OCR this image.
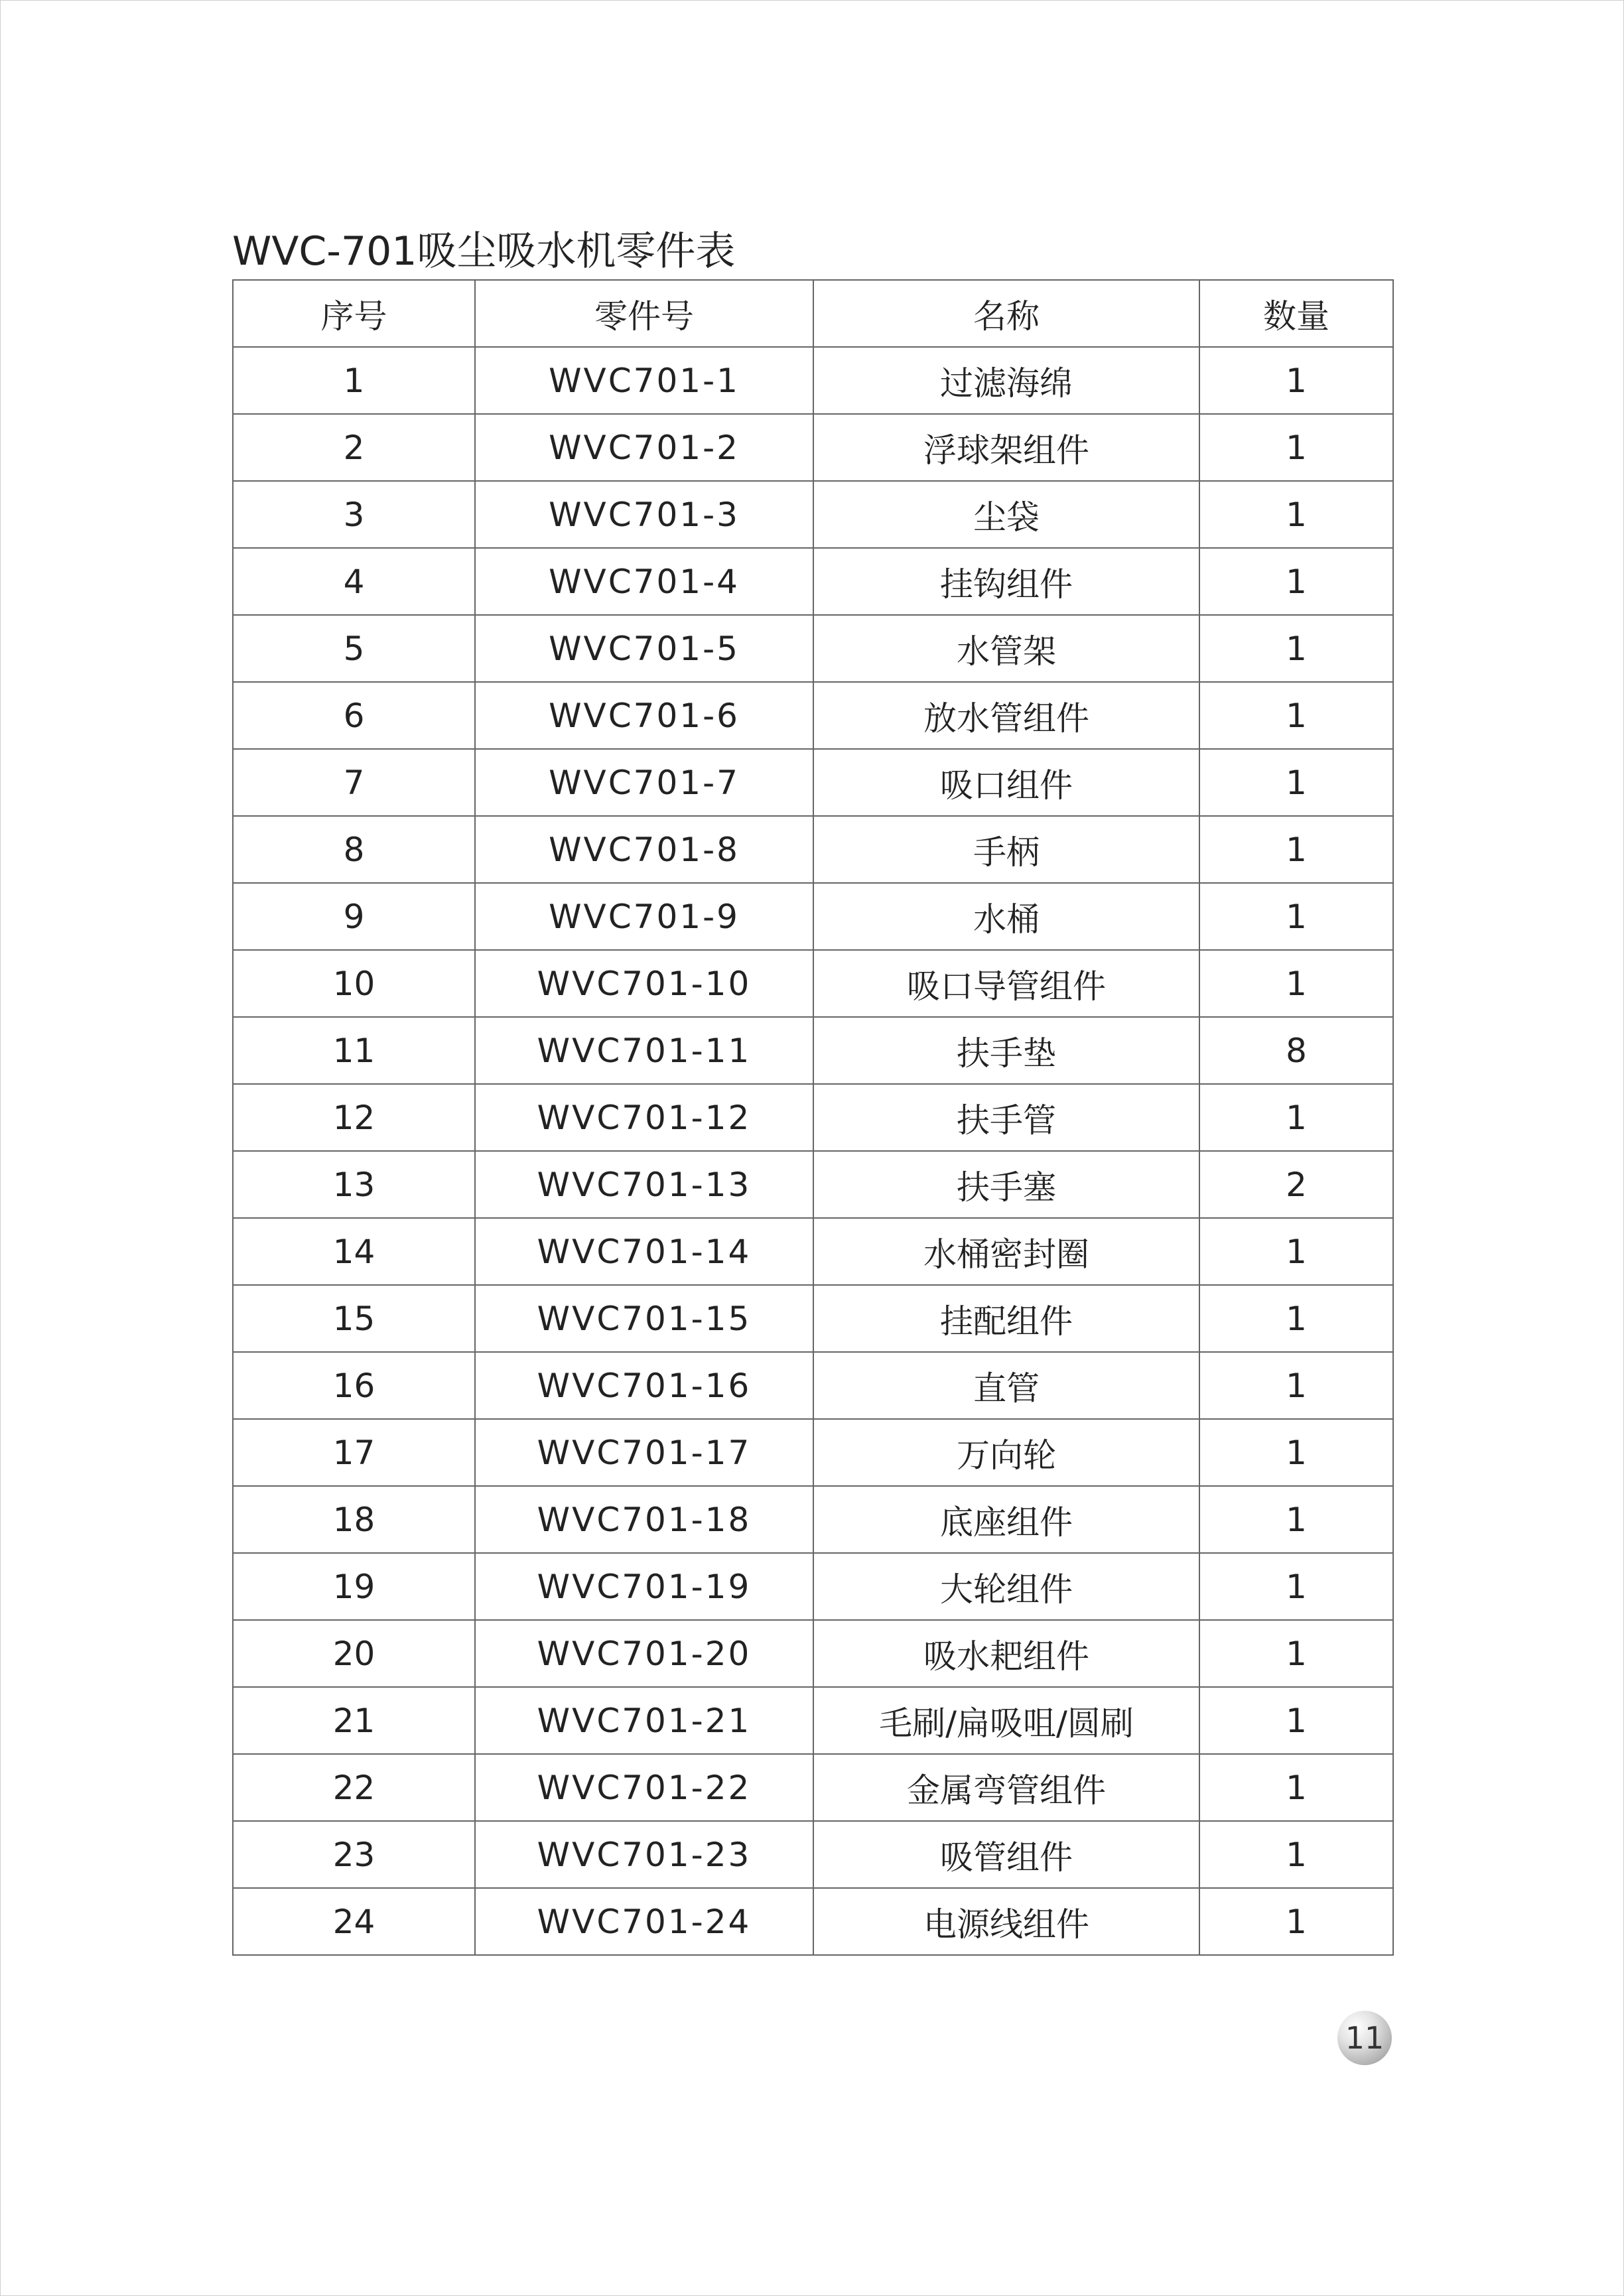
WVC-701吸尘吸水机零件表
序号	零件号	名称	数量
1	WVC701-1	过滤海绵	1
2	WVC701-2	浮球架组件	1
3	WVC701-3	尘袋	1
4	WVC701-4	挂钩组件	1
5	WVC701-5	水管架	1
6	WVC701-6	放水管组件	1
7	WVC701-7	吸口组件	1
8	WVC701-8	手柄	1
9	WVC701-9	水桶	1
10	WVC701-10	吸口导管组件	1
11	WVC701-11	扶手垫	8
12	WVC701-12	扶手管	1
13	WVC701-13	扶手塞	2
14	WVC701-14	水桶密封圈	1
15	WVC701-15	挂配组件	1
16	WVC701-16	直管	1
17	WVC701-17	万向轮	1
18	WVC701-18	底座组件	1
19	WVC701-19	大轮组件	1
20	WVC701-20	吸水耙组件	1
21	WVC701-21	毛刷/扁吸咀/圆刷	1
22	WVC701-22	金属弯管组件	1
23	WVC701-23	吸管组件	1
24	WVC701-24	电源线组件	1
11
